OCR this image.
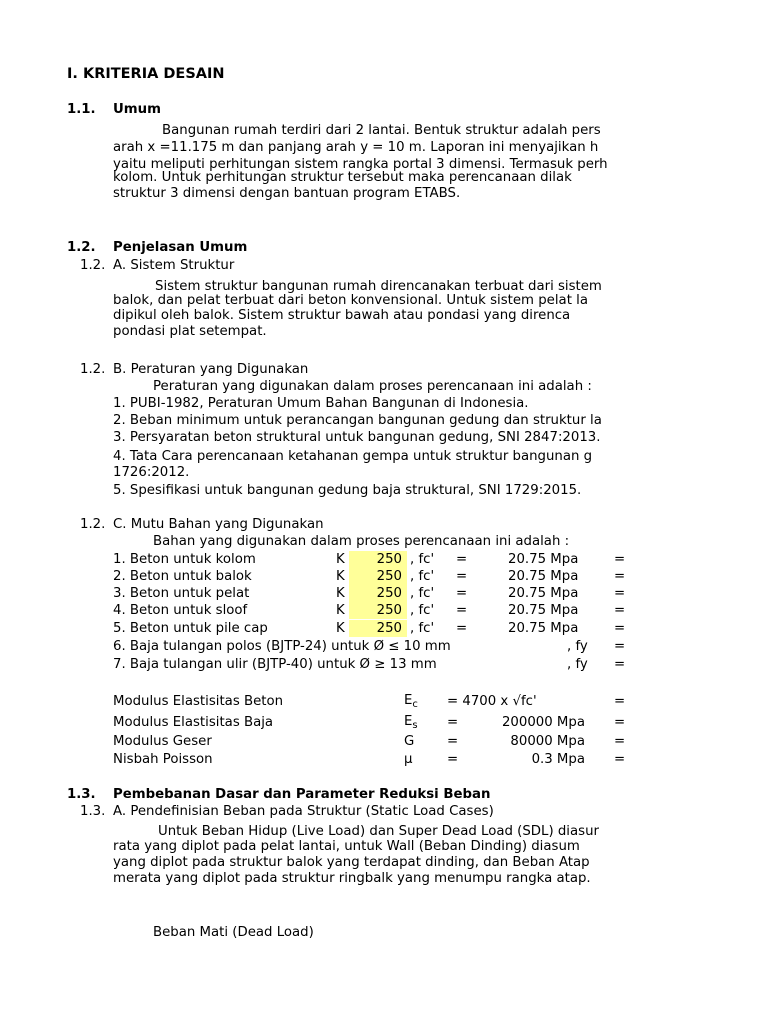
I. KRITERIA DESAIN
1.1. Umum
Bangunan rumah terdiri dari 2 lantai. Bentuk struktur adalah pers
arah x =11.175 m dan panjang arah y = 10 m. Laporan ini menyajikan h
yaitu meliputi perhitungan sistem rangka portal 3 dimensi. Termasuk perh
kolom. Untuk perhitungan struktur tersebut maka perencanaan dilak
struktur 3 dimensi dengan bantuan program ETABS.
1.2. Penjelasan Umum
1.2. A. Sistem Struktur
Sistem struktur bangunan rumah direncanakan terbuat dari sistem
balok, dan pelat terbuat dari beton konvensional. Untuk sistem pelat la
dipikul oleh balok. Sistem struktur bawah atau pondasi yang direnca
pondasi plat setempat.
1.2. B. Peraturan yang Digunakan
Peraturan yang digunakan dalam proses perencanaan ini adalah :
1. PUBI-1982, Peraturan Umum Bahan Bangunan di Indonesia.
2. Beban minimum untuk perancangan bangunan gedung dan struktur la
3. Persyaratan beton struktural untuk bangunan gedung, SNI 2847:2013.
4. Tata Cara perencanaan ketahanan gempa untuk struktur bangunan g
1726:2012.
5. Spesifikasi untuk bangunan gedung baja struktural, SNI 1729:2015.
1.2. C. Mutu Bahan yang Digunakan
Bahan yang digunakan dalam proses perencanaan ini adalah :
1. Beton untuk kolom	K	250 , fc' =	20.75 Mpa	=
2. Beton untuk balok	K	250 , fc' =	20.75 Mpa	=
3. Beton untuk pelat	K	250 , fc' =	20.75 Mpa	=
4. Beton untuk sloof	K	250 , fc' =	20.75 Mpa	=
5. Beton untuk pile cap	K	250 , fc' =	20.75 Mpa	=
6. Baja tulangan polos (BJTP-24) untuk Ø ≤ 10 mm	, fy =
7. Baja tulangan ulir (BJTP-40) untuk Ø ≥ 13 mm	, fy =
Modulus Elastisitas Beton	$E_c = 4700$ x √fc'	=
Modulus Elastisitas Baja	$E_s$ =	200000 Mpa =
Modulus Geser	G =	80000 Mpa =
Nisbah Poisson	μ	=	0.3 Mpa =
1.3. Pembebanan Dasar dan Parameter Reduksi Beban
1.3. A. Pendefinisian Beban pada Struktur (Static Load Cases)
Untuk Beban Hidup (Live Load) dan Super Dead Load (SDL) diasur
rata yang diplot pada pelat lantai, untuk Wall (Beban Dinding) diasum
yang diplot pada struktur balok yang terdapat dinding, dan Beban Atap
merata yang diplot pada struktur ringbalk yang menumpu rangka atap.
Beban Mati (Dead Load)
